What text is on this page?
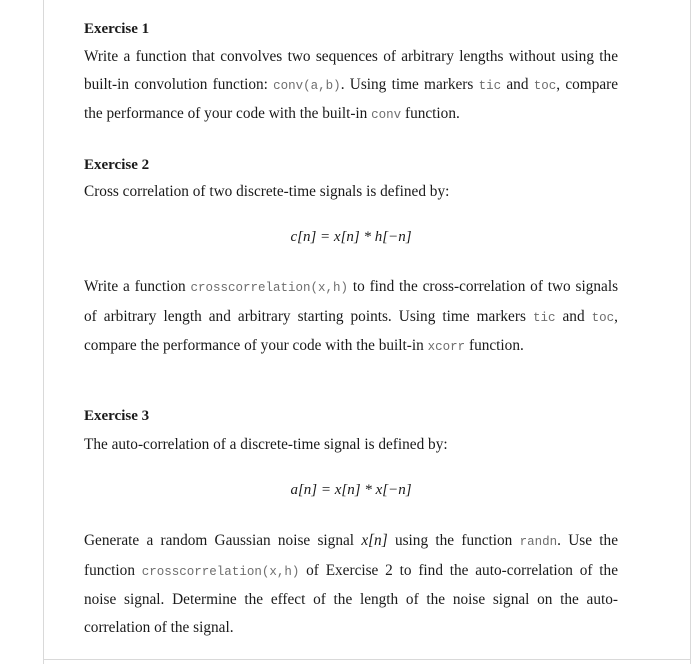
Exercise 1

Write a function that convolves two sequences of arbitrary lengths without using the built-in convolution function: conv(a,b). Using time markers tic and toc, compare the performance of your code with the built-in conv function.

Exercise 2

Cross correlation of two discrete-time signals is defined by:

c[n] = x[n] * h[−n]

Write a function crosscorrelation(x,h) to find the cross-correlation of two signals of arbitrary length and arbitrary starting points. Using time markers tic and toc, compare the performance of your code with the built-in xcorr function.

Exercise 3

The auto-correlation of a discrete-time signal is defined by:

a[n] = x[n] * x[−n]

Generate a random Gaussian noise signal x[n] using the function randn. Use the function crosscorrelation(x,h) of Exercise 2 to find the auto-correlation of the noise signal. Determine the effect of the length of the noise signal on the auto-correlation of the signal.
